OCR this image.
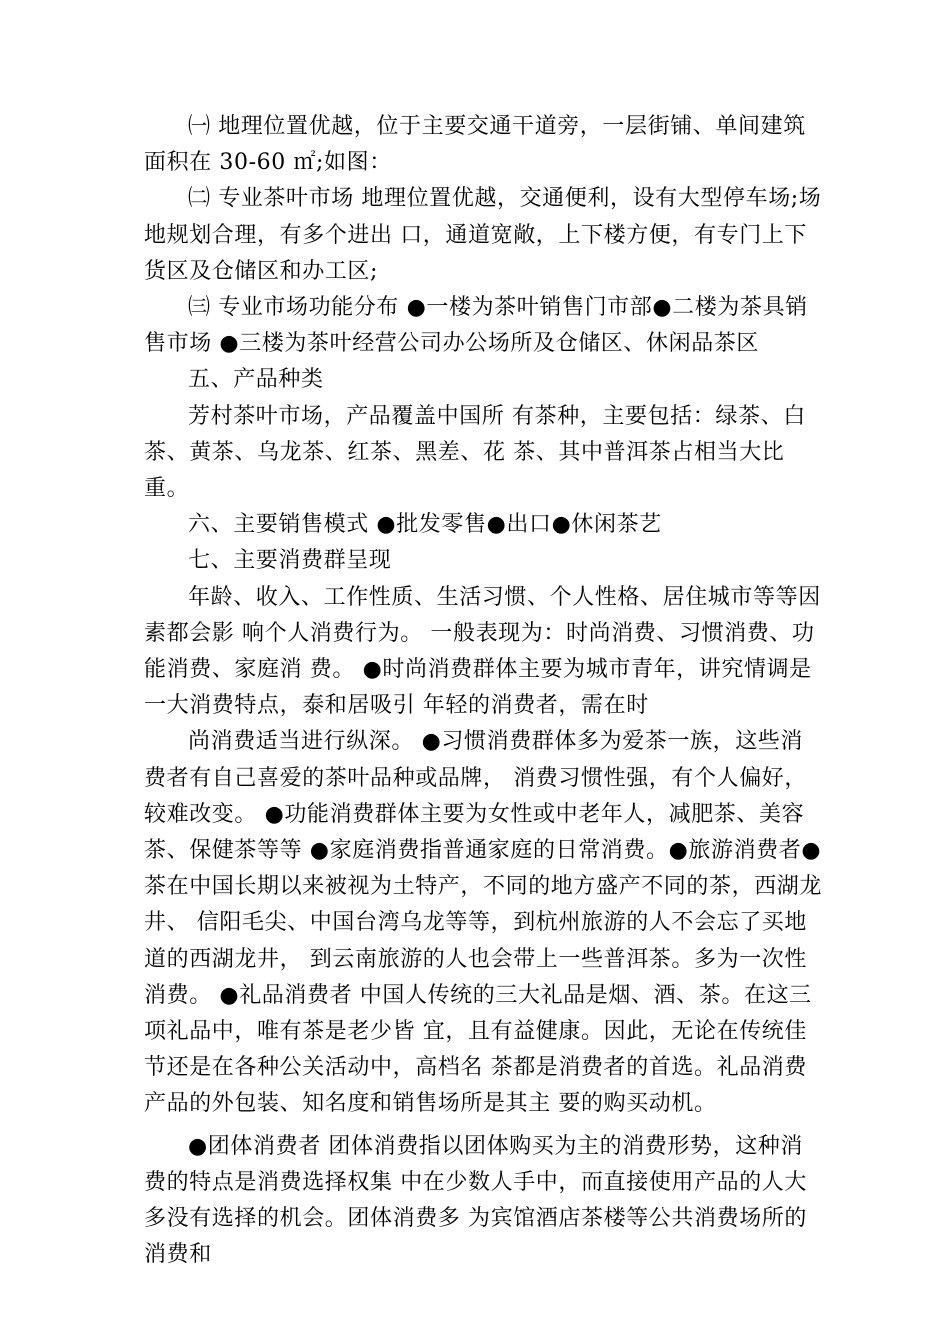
㈠ 地理位置优越，位于主要交通干道旁，一层街铺、单间建筑面积在 30-60 ㎡;如图：

㈡ 专业茶叶市场 地理位置优越，交通便利，设有大型停车场;场地规划合理，有多个进出 口，通道宽敞，上下楼方便，有专门上下货区及仓储区和办工区;

㈢ 专业市场功能分布 ●一楼为茶叶销售门市部●二楼为茶具销售市场 ●三楼为茶叶经营公司办公场所及仓储区、休闲品茶区

五、产品种类

芳村茶叶市场，产品覆盖中国所 有茶种，主要包括：绿茶、白茶、黄茶、乌龙茶、红茶、黑差、花 茶、其中普洱茶占相当大比重。

六、主要销售模式 ●批发零售●出口●休闲茶艺

七、主要消费群呈现

年龄、收入、工作性质、生活习惯、个人性格、居住城市等等因素都会影 响个人消费行为。 一般表现为：时尚消费、习惯消费、功能消费、家庭消 费。 ●时尚消费群体主要为城市青年，讲究情调是一大消费特点，泰和居吸引 年轻的消费者，需在时

尚消费适当进行纵深。 ●习惯消费群体多为爱茶一族，这些消费者有自己喜爱的茶叶品种或品牌， 消费习惯性强，有个人偏好，较难改变。 ●功能消费群体主要为女性或中老年人，减肥茶、美容茶、保健茶等等 ●家庭消费指普通家庭的日常消费。●旅游消费者●茶在中国长期以来被视为土特产，不同的地方盛产不同的茶，西湖龙井、 信阳毛尖、中国台湾乌龙等等，到杭州旅游的人不会忘了买地道的西湖龙井， 到云南旅游的人也会带上一些普洱茶。多为一次性消费。 ●礼品消费者 中国人传统的三大礼品是烟、酒、茶。在这三项礼品中，唯有茶是老少皆 宜，且有益健康。因此，无论在传统佳节还是在各种公关活动中，高档名 茶都是消费者的首选。礼品消费产品的外包装、知名度和销售场所是其主 要的购买动机。

●团体消费者 团体消费指以团体购买为主的消费形势，这种消费的特点是消费选择权集 中在少数人手中，而直接使用产品的人大多没有选择的机会。团体消费多 为宾馆酒店茶楼等公共消费场所的消费和
